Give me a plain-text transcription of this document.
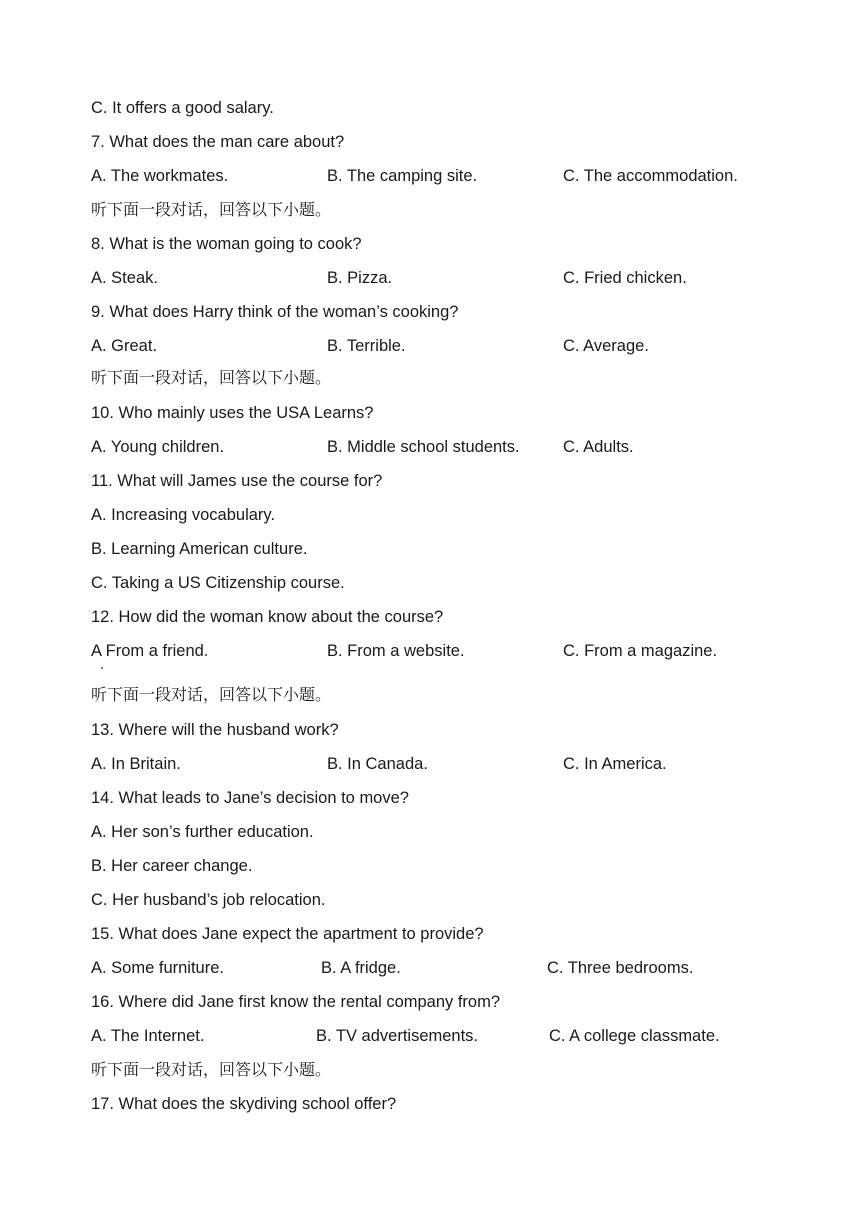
C. It offers a good salary.
7. What does the man care about?
A. The workmates.	B. The camping site.	C. The accommodation.
听下面一段对话，回答以下小题。
8. What is the woman going to cook?
A. Steak.	B. Pizza.	C. Fried chicken.
9. What does Harry think of the woman’s cooking?
A. Great.	B. Terrible.	C. Average.
听下面一段对话，回答以下小题。
10. Who mainly uses the USA Learns?
A. Young children.	B. Middle school students.	C. Adults.
11. What will James use the course for?
A. Increasing vocabulary.
B. Learning American culture.
C. Taking a US Citizenship course.
12. How did the woman know about the course?
A From a friend.	B. From a website.	C. From a magazine.
听下面一段对话，回答以下小题。
13. Where will the husband work?
A. In Britain.	B. In Canada.	C. In America.
14. What leads to Jane’s decision to move?
A. Her son’s further education.
B. Her career change.
C. Her husband’s job relocation.
15. What does Jane expect the apartment to provide?
A. Some furniture.	B. A fridge.	C. Three bedrooms.
16. Where did Jane first know the rental company from?
A. The Internet.	B. TV advertisements.	C. A college classmate.
听下面一段对话，回答以下小题。
17. What does the skydiving school offer?
